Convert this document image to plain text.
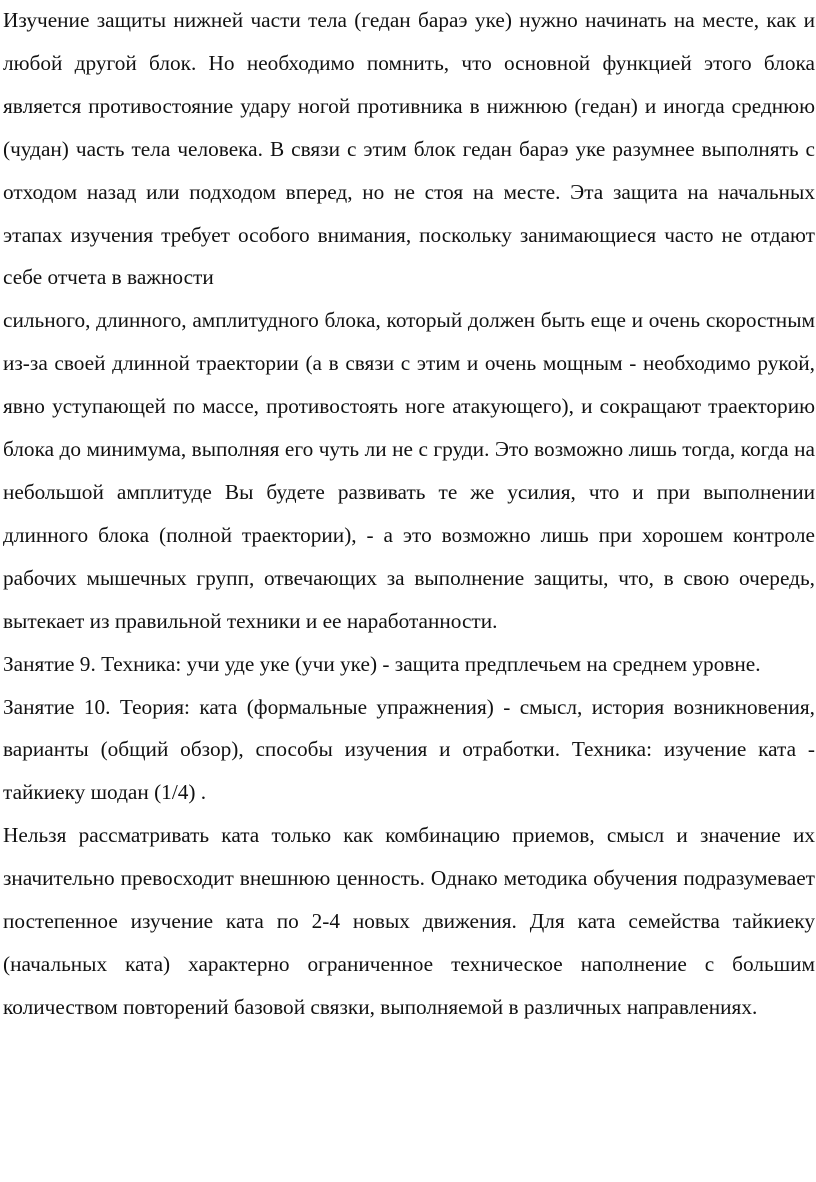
Изучение защиты нижней части тела (гедан бараэ уке) нужно начинать на месте, как и любой другой блок. Но необходимо помнить, что основной функцией этого блока является противостояние удару ногой противника в нижнюю (гедан) и иногда среднюю (чудан) часть тела человека. В связи с этим блок гедан бараэ уке разумнее выполнять с отходом назад или подходом вперед, но не стоя на месте. Эта защита на начальных этапах изучения требует особого внимания, поскольку занимающиеся часто не отдают себе отчета в важности

сильного, длинного, амплитудного блока, который должен быть еще и очень скоростным из-за своей длинной траектории (а в связи с этим и очень мощным - необходимо рукой, явно уступающей по массе, противостоять ноге атакующего), и сокращают траекторию блока до минимума, выполняя его чуть ли не с груди. Это возможно лишь тогда, когда на небольшой амплитуде Вы будете развивать те же усилия, что и при выполнении длинного блока (полной траектории), - а это возможно лишь при хорошем контроле рабочих мышечных групп, отвечающих за выполнение защиты, что, в свою очередь, вытекает из правильной техники и ее наработанности.

Занятие 9. Техника: учи уде уке (учи уке) - защита предплечьем на среднем уровне.

Занятие 10. Теория: ката (формальные упражнения) - смысл, история возникновения, варианты (общий обзор), способы изучения и отработки. Техника: изучение ката - тайкиеку шодан (1/4) .

Нельзя рассматривать ката только как комбинацию приемов, смысл и значение их значительно превосходит внешнюю ценность. Однако методика обучения подразумевает постепенное изучение ката по 2-4 новых движения. Для ката семейства тайкиеку (начальных ката) характерно ограниченное техническое наполнение с большим количеством повторений базовой связки, выполняемой в различных направлениях.
